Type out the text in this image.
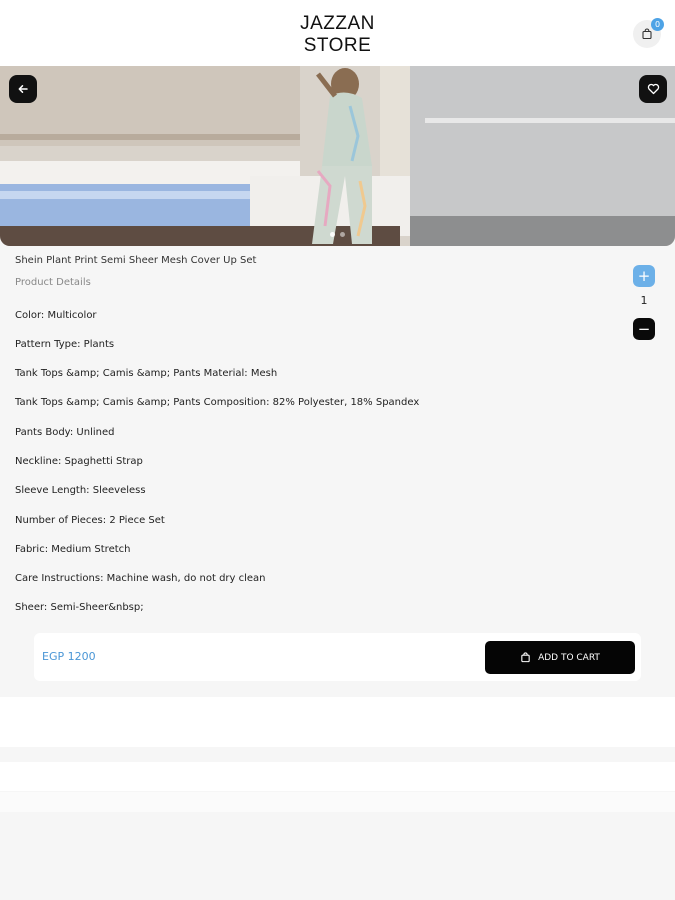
JAZZAN
STORE
0
Shein Plant Print Semi Sheer Mesh Cover Up Set
Product Details	+
1
−
Color: Multicolor
Pattern Type: Plants
Tank Tops &amp; Camis &amp; Pants Material: Mesh
Tank Tops &amp; Camis &amp; Pants Composition: 82% Polyester, 18% Spandex
Pants Body: Unlined
Neckline: Spaghetti Strap
Sleeve Length: Sleeveless
Number of Pieces: 2 Piece Set
Fabric: Medium Stretch
Care Instructions: Machine wash, do not dry clean
Sheer: Semi-Sheer&nbsp;
EGP 1200	ADD TO CART
